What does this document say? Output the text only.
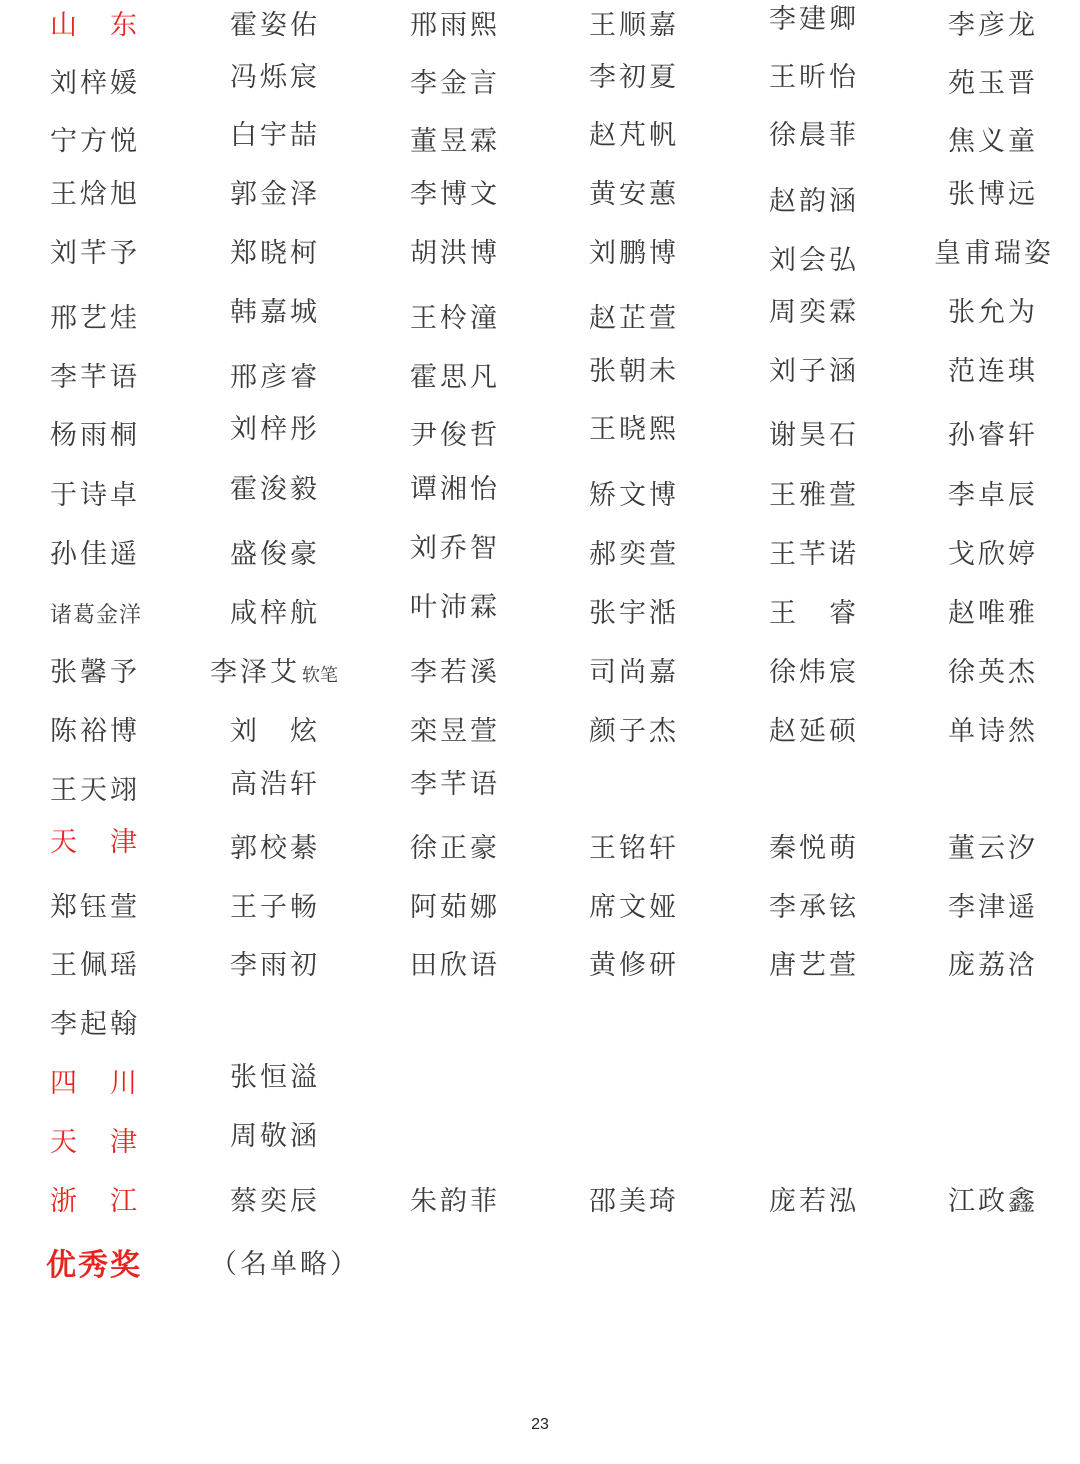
山 东	霍姿佑	邢雨熙	王顺嘉	李建卿	李彦龙
刘梓媛	冯烁宸	李金言	李初夏	王昕怡	苑玉晋
宁方悦	白宇喆	董昱霖	赵芃帆	徐晨菲	焦义童
王焓旭	郭金泽	李博文	黄安蕙	赵韵涵	张博远
刘芊予	郑晓柯	胡洪博	刘鹏博	刘会弘	皇甫瑞姿
邢艺烓	韩嘉城	王柃潼	赵芷萱	周奕霖	张允为
李芊语	邢彦睿	霍思凡	张朝未	刘子涵	范连琪
杨雨桐	刘梓彤	尹俊哲	王晓熙	谢昊石	孙睿轩
于诗卓	霍浚毅	谭湘怡	矫文博	王雅萱	李卓辰
孙佳遥	盛俊豪	刘乔智	郝奕萱	王芊诺	戈欣婷
诸葛金洋	咸梓航	叶沛霖	张宇湉	王 睿	赵唯雅
张馨予	李泽艾 软笔	李若溪	司尚嘉	徐炜宸	徐英杰
陈裕博	刘 炫	栾昱萱	颜子杰	赵延硕	单诗然
王天翊	高浩轩	李芊语
天 津	郭校綦	徐正豪	王铭轩	秦悦萌	董云汐
郑钰萱	王子畅	阿茹娜	席文娅	李承铉	李津遥
王佩瑶	李雨初	田欣语	黄修研	唐艺萱	庞荔浛
李起翰
四 川	张恒溢
天 津	周敬涵
浙 江	蔡奕辰	朱韵菲	邵美琦	庞若泓	江政鑫
优秀奖	（名单略）
23
